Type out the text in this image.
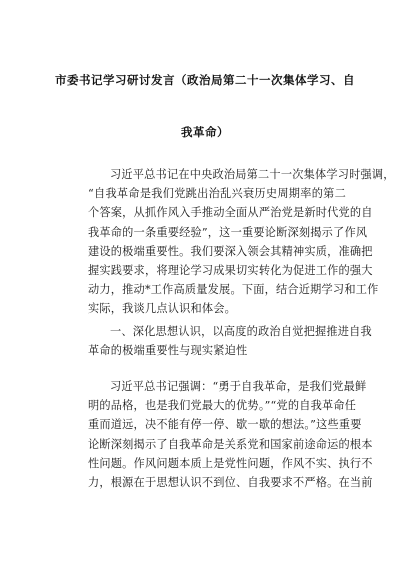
市委书记学习研讨发言（政治局第二十一次集体学习、自
我革命）
习近平总书记在中央政治局第二十一次集体学习时强调，
“自我革命是我们党跳出治乱兴衰历史周期率的第二
个答案，从抓作风入手推动全面从严治党是新时代党的自
我革命的一条重要经验”，这一重要论断深刻揭示了作风
建设的极端重要性。我们要深入领会其精神实质，准确把
握实践要求，将理论学习成果切实转化为促进工作的强大
动力，推动*工作高质量发展。下面，结合近期学习和工作
实际，我谈几点认识和体会。
一、深化思想认识，以高度的政治自觉把握推进自我
革命的极端重要性与现实紧迫性
习近平总书记强调：“勇于自我革命，是我们党最鲜
明的品格，也是我们党最大的优势。”“党的自我革命任
重而道远，决不能有停一停、歇一歇的想法。”这些重要
论断深刻揭示了自我革命是关系党和国家前途命运的根本
性问题。作风问题本质上是党性问题，作风不实、执行不
力，根源在于思想认识不到位、自我要求不严格。在当前
